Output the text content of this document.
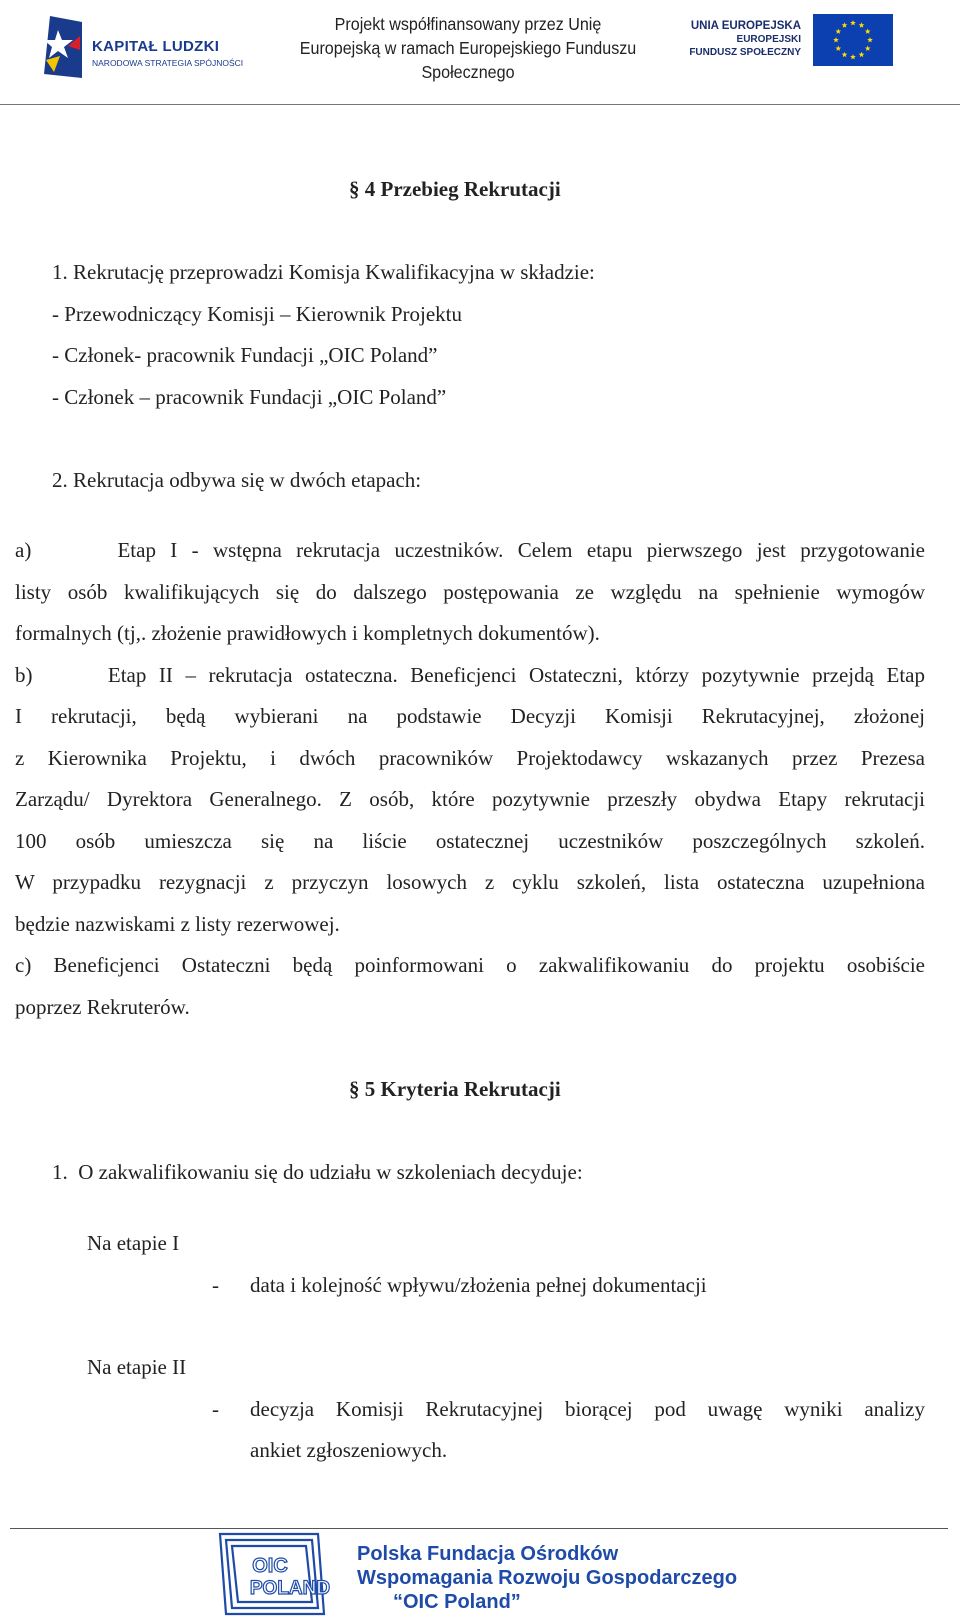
KAPITAŁ LUDZKI
NARODOWA STRATEGIA SPÓJNOŚCI
Projekt współfinansowany przez Unię
Europejską w ramach Europejskiego Funduszu
Społecznego
UNIA EUROPEJSKA
EUROPEJSKI
FUNDUSZ SPOŁECZNY
§ 4 Przebieg Rekrutacji
1. Rekrutację przeprowadzi Komisja Kwalifikacyjna w składzie:
- Przewodniczący Komisji – Kierownik Projektu
- Członek- pracownik Fundacji „OIC Poland”
- Członek – pracownik Fundacji „OIC Poland”
2. Rekrutacja odbywa się w dwóch etapach:
a)      Etap I - wstępna rekrutacja uczestników. Celem etapu pierwszego jest przygotowanie
listy osób kwalifikujących się do dalszego postępowania ze względu na spełnienie wymogów
formalnych (tj,. złożenie prawidłowych i kompletnych dokumentów).
b)      Etap II – rekrutacja ostateczna. Beneficjenci Ostateczni, którzy pozytywnie przejdą Etap
I rekrutacji, będą wybierani na podstawie Decyzji Komisji Rekrutacyjnej, złożonej
z Kierownika Projektu, i dwóch pracowników Projektodawcy wskazanych przez Prezesa
Zarządu/ Dyrektora Generalnego. Z osób, które pozytywnie przeszły obydwa Etapy rekrutacji
100 osób umieszcza się na liście ostatecznej uczestników poszczególnych szkoleń.
W przypadku rezygnacji z przyczyn losowych z cyklu szkoleń, lista ostateczna uzupełniona
będzie nazwiskami z listy rezerwowej.
c) Beneficjenci Ostateczni będą poinformowani o zakwalifikowaniu do projektu osobiście
poprzez Rekruterów.
§ 5 Kryteria Rekrutacji
1.  O zakwalifikowaniu się do udziału w szkoleniach decyduje:
Na etapie I
- data i kolejność wpływu/złożenia pełnej dokumentacji
Na etapie II
- decyzja Komisji Rekrutacyjnej biorącej pod uwagę wyniki analizy
ankiet zgłoszeniowych.
OIC
POLAND
Polska Fundacja Ośrodków
Wspomagania Rozwoju Gospodarczego
“OIC Poland”
